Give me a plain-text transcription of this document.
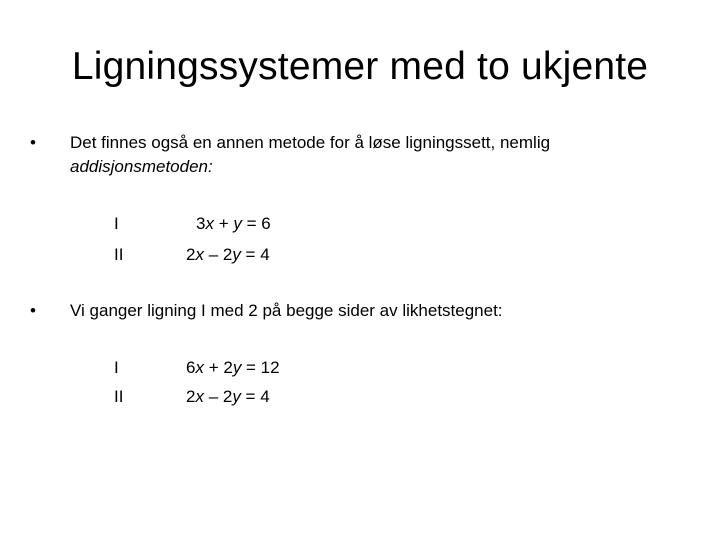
Ligningssystemer med to ukjente
•	Det finnes også en annen metode for å løse ligningssett, nemlig
addisjonsmetoden:
I	3x + y = 6
II	2x – 2y = 4
•	Vi ganger ligning I med 2 på begge sider av likhetstegnet:
I	6x + 2y = 12
II	2x – 2y = 4
